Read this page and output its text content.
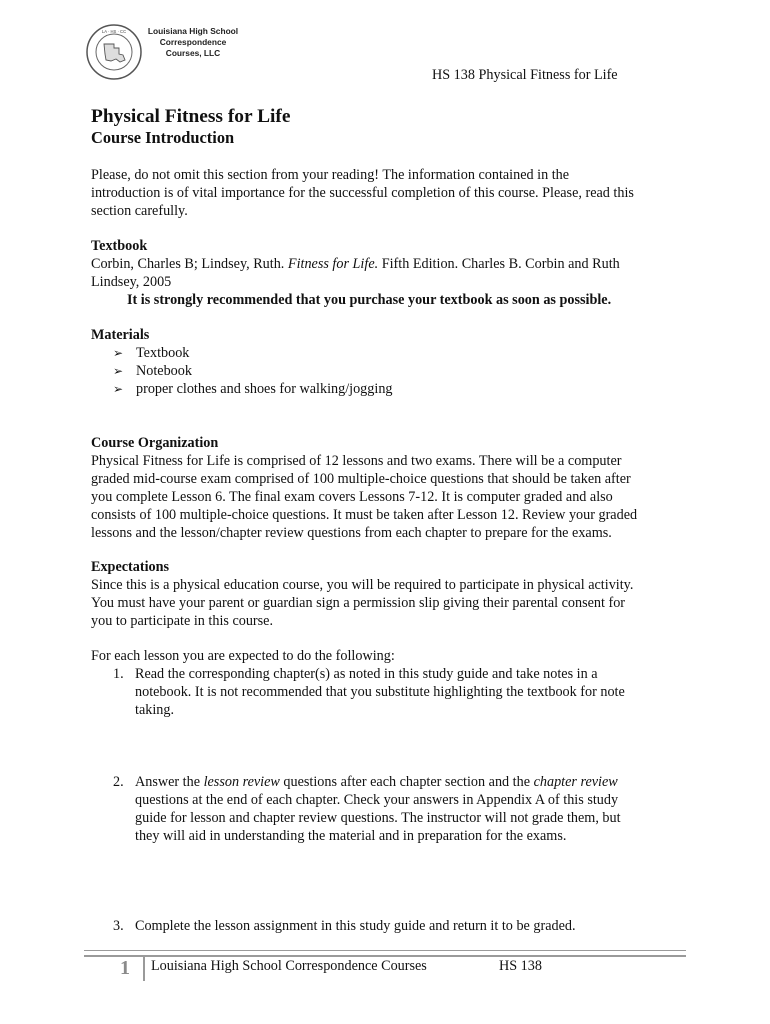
LA · HS · CC	Louisiana High School
Correspondence
Courses, LLC
HS 138 Physical Fitness for Life
Physical Fitness for Life
Course Introduction
Please, do not omit this section from your reading! The information contained in the
introduction is of vital importance for the successful completion of this course. Please, read this
section carefully.
Textbook
Corbin, Charles B; Lindsey, Ruth. Fitness for Life. Fifth Edition. Charles B. Corbin and Ruth
Lindsey, 2005
It is strongly recommended that you purchase your textbook as soon as possible.
Materials
➢ Textbook
➢ Notebook
➢ proper clothes and shoes for walking/jogging
Course Organization
Physical Fitness for Life is comprised of 12 lessons and two exams. There will be a computer
graded mid-course exam comprised of 100 multiple-choice questions that should be taken after
you complete Lesson 6. The final exam covers Lessons 7-12. It is computer graded and also
consists of 100 multiple-choice questions. It must be taken after Lesson 12. Review your graded
lessons and the lesson/chapter review questions from each chapter to prepare for the exams.
Expectations
Since this is a physical education course, you will be required to participate in physical activity.
You must have your parent or guardian sign a permission slip giving their parental consent for
you to participate in this course.
For each lesson you are expected to do the following:
1. Read the corresponding chapter(s) as noted in this study guide and take notes in a
notebook. It is not recommended that you substitute highlighting the textbook for note
taking.
2. Answer the lesson review questions after each chapter section and the chapter review
questions at the end of each chapter. Check your answers in Appendix A of this study
guide for lesson and chapter review questions. The instructor will not grade them, but
they will aid in understanding the material and in preparation for the exams.
3. Complete the lesson assignment in this study guide and return it to be graded.
1 Louisiana High School Correspondence Courses	HS 138
